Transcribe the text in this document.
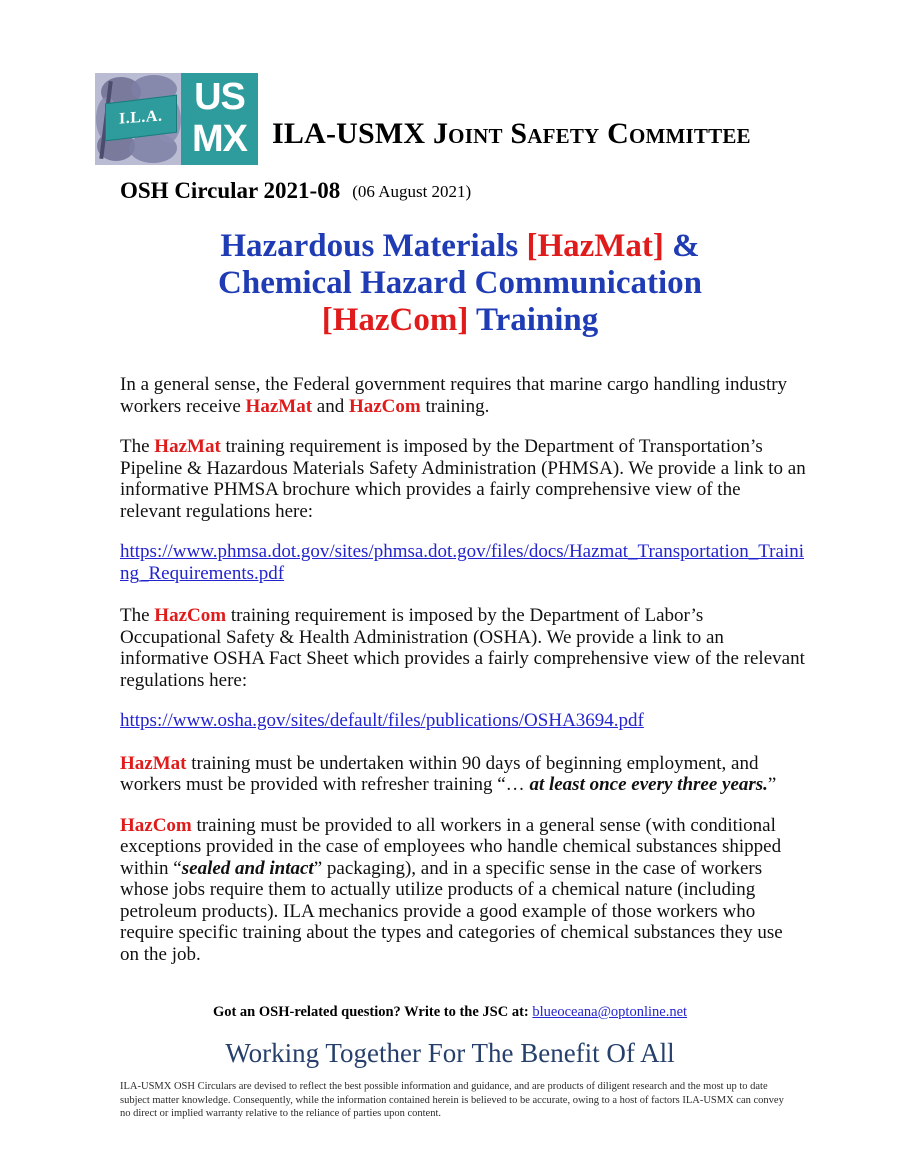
I.L.A. US
MX ILA-USMX Joint Safety Committee
OSH Circular 2021-08 (06 August 2021)
Hazardous Materials [HazMat] &
Chemical Hazard Communication
[HazCom] Training

In a general sense, the Federal government requires that marine cargo handling industry workers receive HazMat and HazCom training.

The HazMat training requirement is imposed by the Department of Transportation’s Pipeline & Hazardous Materials Safety Administration (PHMSA). We provide a link to an informative PHMSA brochure which provides a fairly comprehensive view of the relevant regulations here:

https://www.phmsa.dot.gov/sites/phmsa.dot.gov/files/docs/Hazmat_Transportation_Training_Requirements.pdf

The HazCom training requirement is imposed by the Department of Labor’s Occupational Safety & Health Administration (OSHA). We provide a link to an informative OSHA Fact Sheet which provides a fairly comprehensive view of the relevant regulations here:

https://www.osha.gov/sites/default/files/publications/OSHA3694.pdf

HazMat training must be undertaken within 90 days of beginning employment, and workers must be provided with refresher training “… at least once every three years.”

HazCom training must be provided to all workers in a general sense (with conditional exceptions provided in the case of employees who handle chemical substances shipped within “sealed and intact” packaging), and in a specific sense in the case of workers whose jobs require them to actually utilize products of a chemical nature (including petroleum products). ILA mechanics provide a good example of those workers who require specific training about the types and categories of chemical substances they use on the job.

Got an OSH-related question? Write to the JSC at: blueoceana@optonline.net
Working Together For The Benefit Of All
ILA-USMX OSH Circulars are devised to reflect the best possible information and guidance, and are products of diligent research and the most up to date subject matter knowledge. Consequently, while the information contained herein is believed to be accurate, owing to a host of factors ILA-USMX can convey no direct or implied warranty relative to the reliance of parties upon content.
